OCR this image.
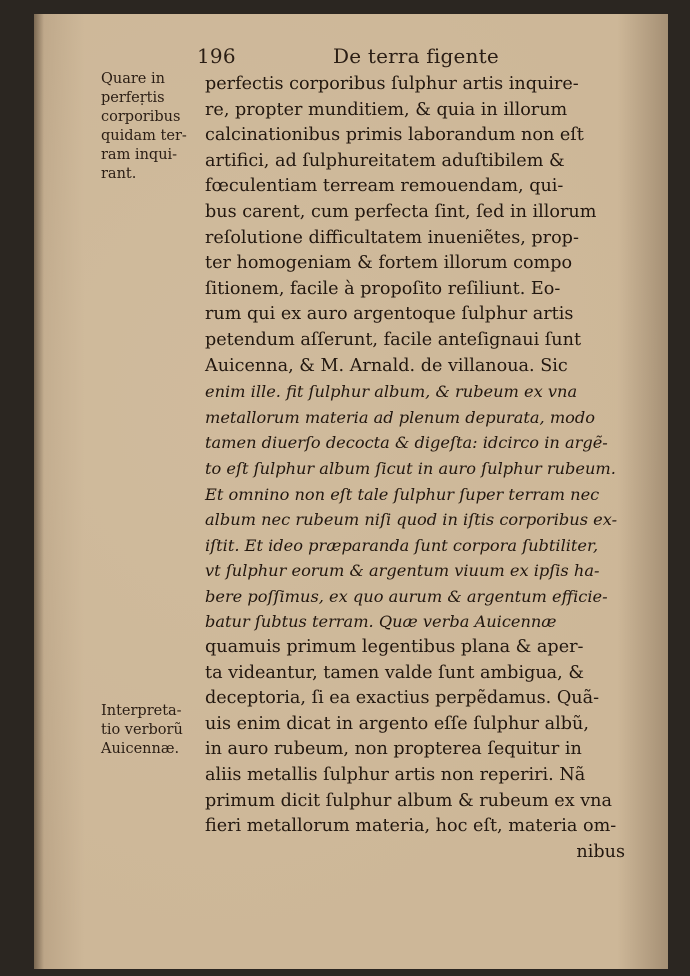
196	De terra figente
Quare in
perfeṛtis
corporibus
quidam ter-
ram inqui-
rant.
Interpreta-
tio verborũ
Auicennæ.
perfectis corporibus ſulphur artis inquire-
re, propter munditiem, & quia in illorum
calcinationibus primis laborandum non eſt
artifici, ad ſulphureitatem aduſtibilem &
fœculentiam terream remouendam, qui-
bus carent, cum perfecta ſint, ſed in illorum
reſolutione difficultatem inueniẽtes, prop-
ter homogeniam & fortem illorum compo
ſitionem, facile à propoſito reſiliunt. Eo-
rum qui ex auro argentoque ſulphur artis
petendum aſſerunt, facile anteſignaui ſunt
Auicenna, & M. Arnald. de villanoua. Sic
enim ille. fit ſulphur album, & rubeum ex vna
metallorum materia ad plenum depurata, modo
tamen diuerſo decocta & digeſta: idcirco in argẽ-
to eſt ſulphur album ſicut in auro ſulphur rubeum.
Et omnino non eſt tale ſulphur ſuper terram nec
album nec rubeum niſi quod in iſtis corporibus ex-
iſtit. Et ideo præparanda ſunt corpora ſubtiliter,
vt ſulphur eorum & argentum viuum ex ipſis ha-
bere poſſimus, ex quo aurum & argentum efficie-
batur ſubtus terram. Quæ verba Auicennæ
quamuis primum legentibus plana & aper-
ta videantur, tamen valde ſunt ambigua, &
deceptoria, ſi ea exactius perpẽdamus. Quã-
uis enim dicat in argento eſſe ſulphur albũ,
in auro rubeum, non propterea ſequitur in
aliis metallis ſulphur artis non reperiri. Nã
primum dicit ſulphur album & rubeum ex vna
fieri metallorum materia, hoc eſt, materia om-
nibus
